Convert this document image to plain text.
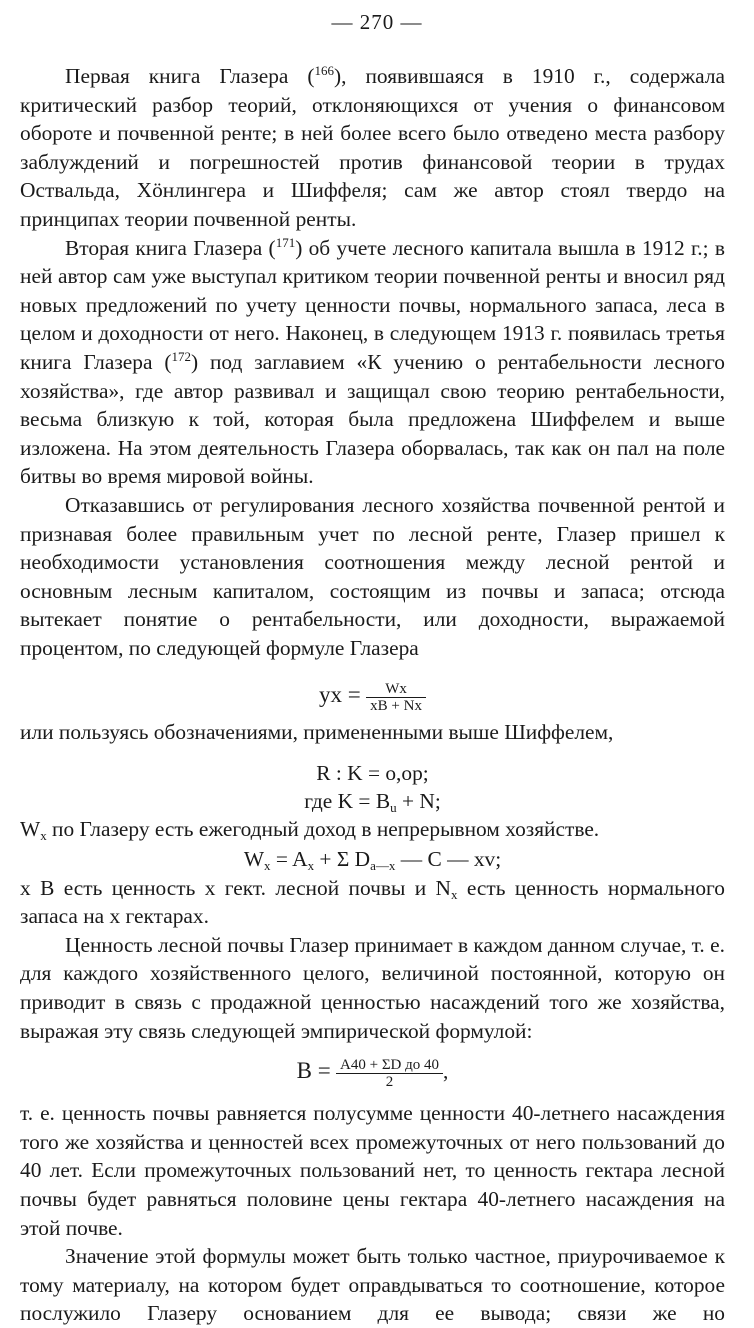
— 270 —

Первая книга Глазера ($^{166}$), появившаяся в 1910 г., содержала критический разбор теорий, отклоняющихся от учения о финансовом обороте и почвенной ренте; в ней более всего было отведено места разбору заблуждений и погрешностей против финансовой теории в трудах Оствальда, Хöнлингера и Шиффеля; сам же автор стоял твердо на принципах теории почвенной ренты.

Вторая книга Глазера ($^{171}$) об учете лесного капитала вышла в 1912 г.; в ней автор сам уже выступал критиком теории почвенной ренты и вносил ряд новых предложений по учету ценности почвы, нормального запаса, леса в целом и доходности от него. Наконец, в следующем 1913 г. появилась третья книга Глазера ($^{172}$) под заглавием «К учению о рентабельности лесного хозяйства», где автор развивал и защищал свою теорию рентабельности, весьма близкую к той, которая была предложена Шиффелем и выше изложена. На этом деятельность Глазера оборвалась, так как он пал на поле битвы во время мировой войны.

Отказавшись от регулирования лесного хозяйства почвенной рентой и признавая более правильным учет по лесной ренте, Глазер пришел к необходимости установления соотношения между лесной рентой и основным лесным капиталом, состоящим из почвы и запаса; отсюда вытекает понятие о рентабельности, или доходности, выражаемой процентом, по следующей формуле Глазера

yx = $\frac{Wx}{xB + Nx}$

или пользуясь обозначениями, примененными выше Шиффелем,

R : K = o,op;
где $K = B_u + N$;

$W_x$ по Глазеру есть ежегодный доход в непрерывном хозяйстве.

$W_x = A_x + \Sigma$ $D_{a—x}$ — C — xv;

x B есть ценность x гект. лесной почвы и $N_x$ есть ценность нормального запаса на x гектарах.

Ценность лесной почвы Глазер принимает в каждом данном случае, т. е. для каждого хозяйственного целого, величиной постоянной, которую он приводит в связь с продажной ценностью насаждений того же хозяйства, выражая эту связь следующей эмпирической формулой:

$B = \frac{\text{A40 + ΣD до 40}}{2}$ ,

т. е. ценность почвы равняется полусумме ценности 40-летнего насаждения того же хозяйства и ценностей всех промежуточных от него пользований до 40 лет. Если промежуточных пользований нет, то ценность гектара лесной почвы будет равняться половине цены гектара 40-летнего насаждения на этой почве.

Значение этой формулы может быть только частное, приурочиваемое к тому материалу, на котором будет оправдываться то соотношение, которое послужило Глазеру основанием для ее вывода; связи же но
